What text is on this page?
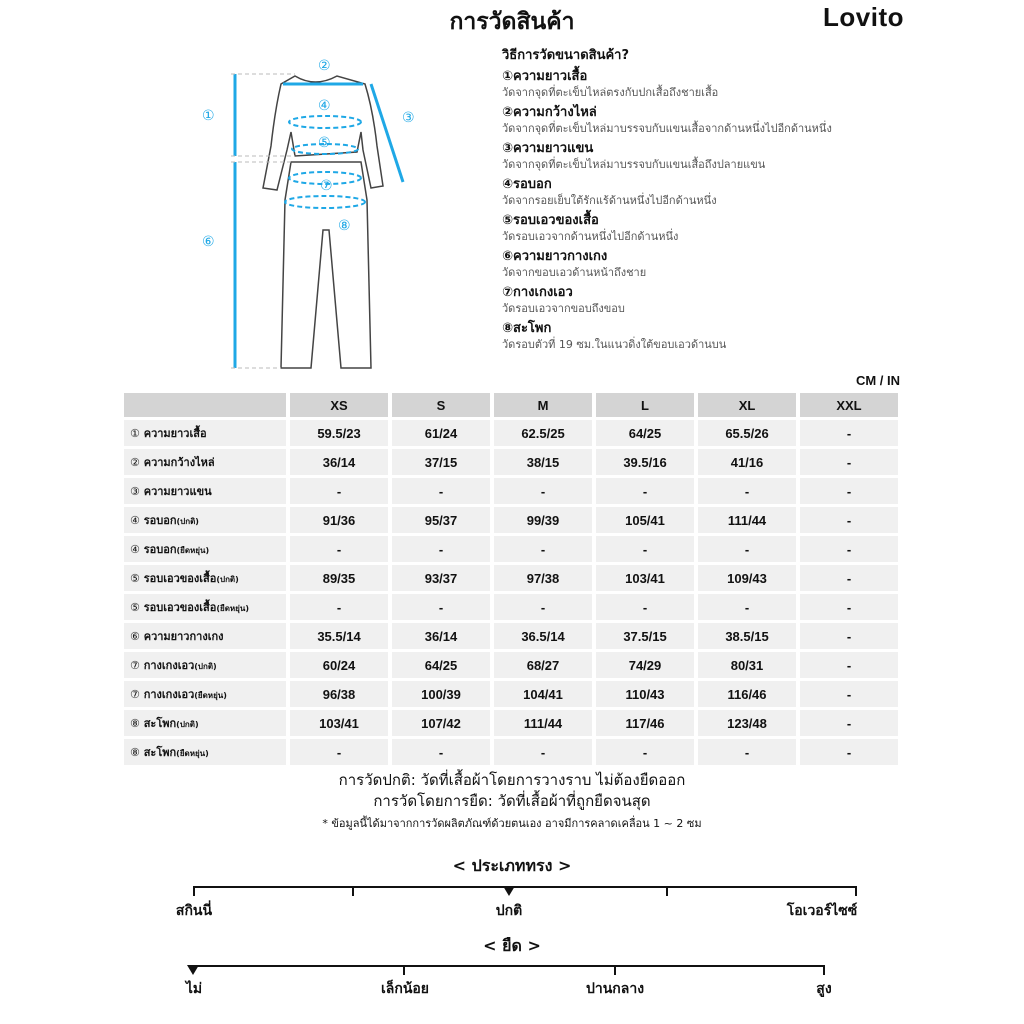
การวัดสินค้า	Lovito
①
②
③
④
⑤
⑥
⑦
⑧
วิธีการวัดขนาดสินค้า?
①ความยาวเสื้อ
วัดจากจุดที่ตะเข็บไหล่ตรงกับปกเสื้อถึงชายเสื้อ
②ความกว้างไหล่
วัดจากจุดที่ตะเข็บไหล่มาบรรจบกับแขนเสื้อจากด้านหนึ่งไปอีกด้านหนึ่ง
③ความยาวแขน
วัดจากจุดที่ตะเข็บไหล่มาบรรจบกับแขนเสื้อถึงปลายแขน
④รอบอก
วัดจากรอยเย็บใต้รักแร้ด้านหนึ่งไปอีกด้านหนึ่ง
⑤รอบเอวของเสื้อ
วัดรอบเอวจากด้านหนึ่งไปอีกด้านหนึ่ง
⑥ความยาวกางเกง
วัดจากขอบเอวด้านหน้าถึงชาย
⑦กางเกงเอว
วัดรอบเอวจากขอบถึงขอบ
⑧สะโพก
วัดรอบตัวที่ 19 ซม.ในแนวดิ่งใต้ขอบเอวด้านบน
CM / IN
	XS	S	M	L	XL	XXL
① ความยาวเสื้อ	59.5/23	61/24	62.5/25	64/25	65.5/26	-
② ความกว้างไหล่	36/14	37/15	38/15	39.5/16	41/16	-
③ ความยาวแขน	-	-	-	-	-	-
④ รอบอก(ปกติ)	91/36	95/37	99/39	105/41	111/44	-
④ รอบอก(ยืดหยุ่น)	-	-	-	-	-	-
⑤ รอบเอวของเสื้อ(ปกติ)	89/35	93/37	97/38	103/41	109/43	-
⑤ รอบเอวของเสื้อ(ยืดหยุ่น)	-	-	-	-	-	-
⑥ ความยาวกางเกง	35.5/14	36/14	36.5/14	37.5/15	38.5/15	-
⑦ กางเกงเอว(ปกติ)	60/24	64/25	68/27	74/29	80/31	-
⑦ กางเกงเอว(ยืดหยุ่น)	96/38	100/39	104/41	110/43	116/46	-
⑧ สะโพก(ปกติ)	103/41	107/42	111/44	117/46	123/48	-
⑧ สะโพก(ยืดหยุ่น)	-	-	-	-	-	-
การวัดปกติ: วัดที่เสื้อผ้าโดยการวางราบ ไม่ต้องยืดออก
การวัดโดยการยืด: วัดที่เสื้อผ้าที่ถูกยืดจนสุด
* ข้อมูลนี้ได้มาจากการวัดผลิตภัณฑ์ด้วยตนเอง อาจมีการคลาดเคลื่อน 1 ~ 2 ซม
< ประเภททรง >
สกินนี่	ปกติ	โอเวอร์ไซซ์
< ยืด >
ไม่	เล็กน้อย	ปานกลาง	สูง
